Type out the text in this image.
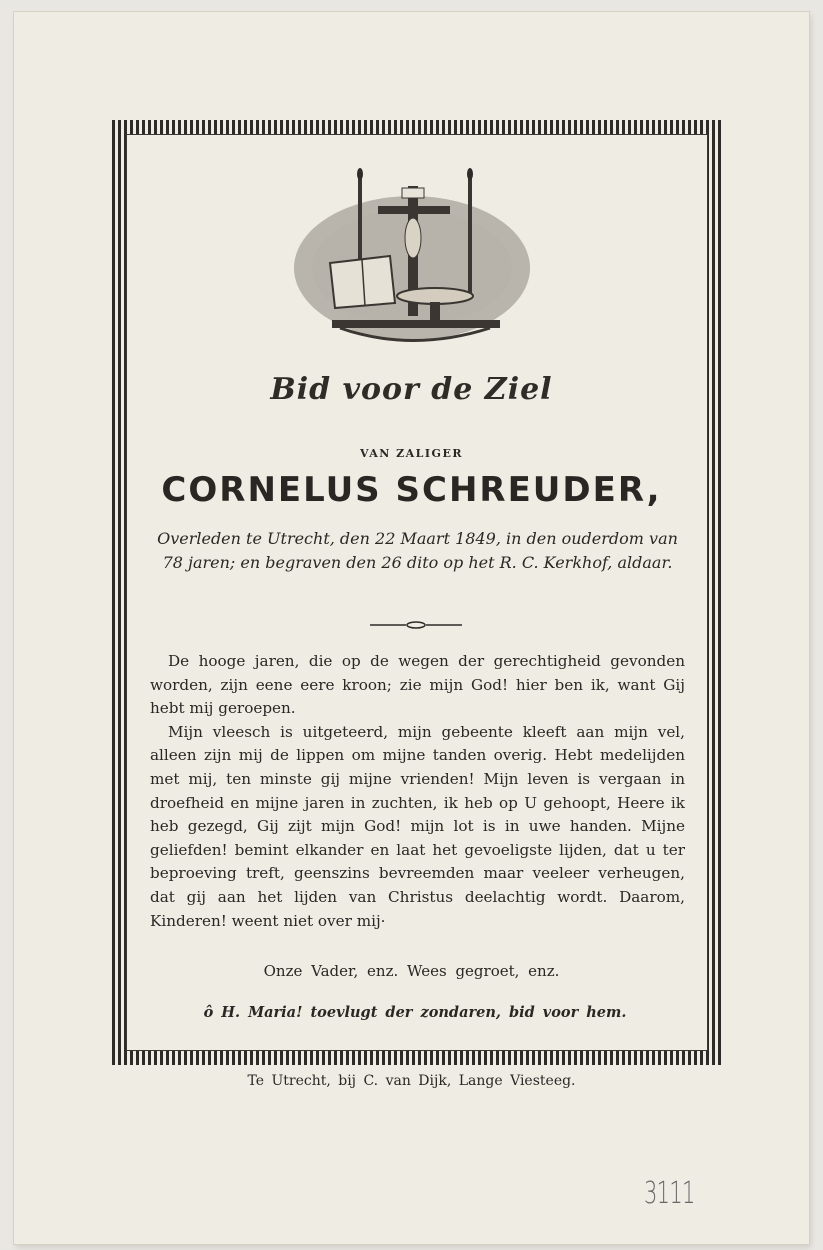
Bid voor de Ziel
VAN ZALIGER
CORNELUS SCHREUDER,
Overleden te Utrecht, den 22 Maart 1849, in den ouderdom van 78 jaren; en begraven den 26 dito op het R. C. Kerkhof, aldaar.

De hooge jaren, die op de wegen der gerechtigheid gevonden worden, zijn eene eere kroon; zie mijn God! hier ben ik, want Gij hebt mij geroepen.

Mijn vleesch is uitgeteerd, mijn gebeente kleeft aan mijn vel, alleen zijn mij de lippen om mijne tanden overig. Hebt medelijden met mij, ten minste gij mijne vrienden! Mijn leven is vergaan in droefheid en mijne jaren in zuchten, ik heb op U gehoopt, Heere ik heb gezegd, Gij zijt mijn God! mijn lot is in uwe handen. Mijne geliefden! bemint elkander en laat het gevoeligste lijden, dat u ter beproeving treft, geenszins bevreemden maar veeleer verheugen, dat gij aan het lijden van Christus deelachtig wordt. Daarom, Kinderen! weent niet over mij·

Onze Vader, enz. Wees gegroet, enz.
ô H. Maria! toevlugt der zondaren, bid voor hem.
Te Utrecht, bij C. van Dijk, Lange Viesteeg.
3111
